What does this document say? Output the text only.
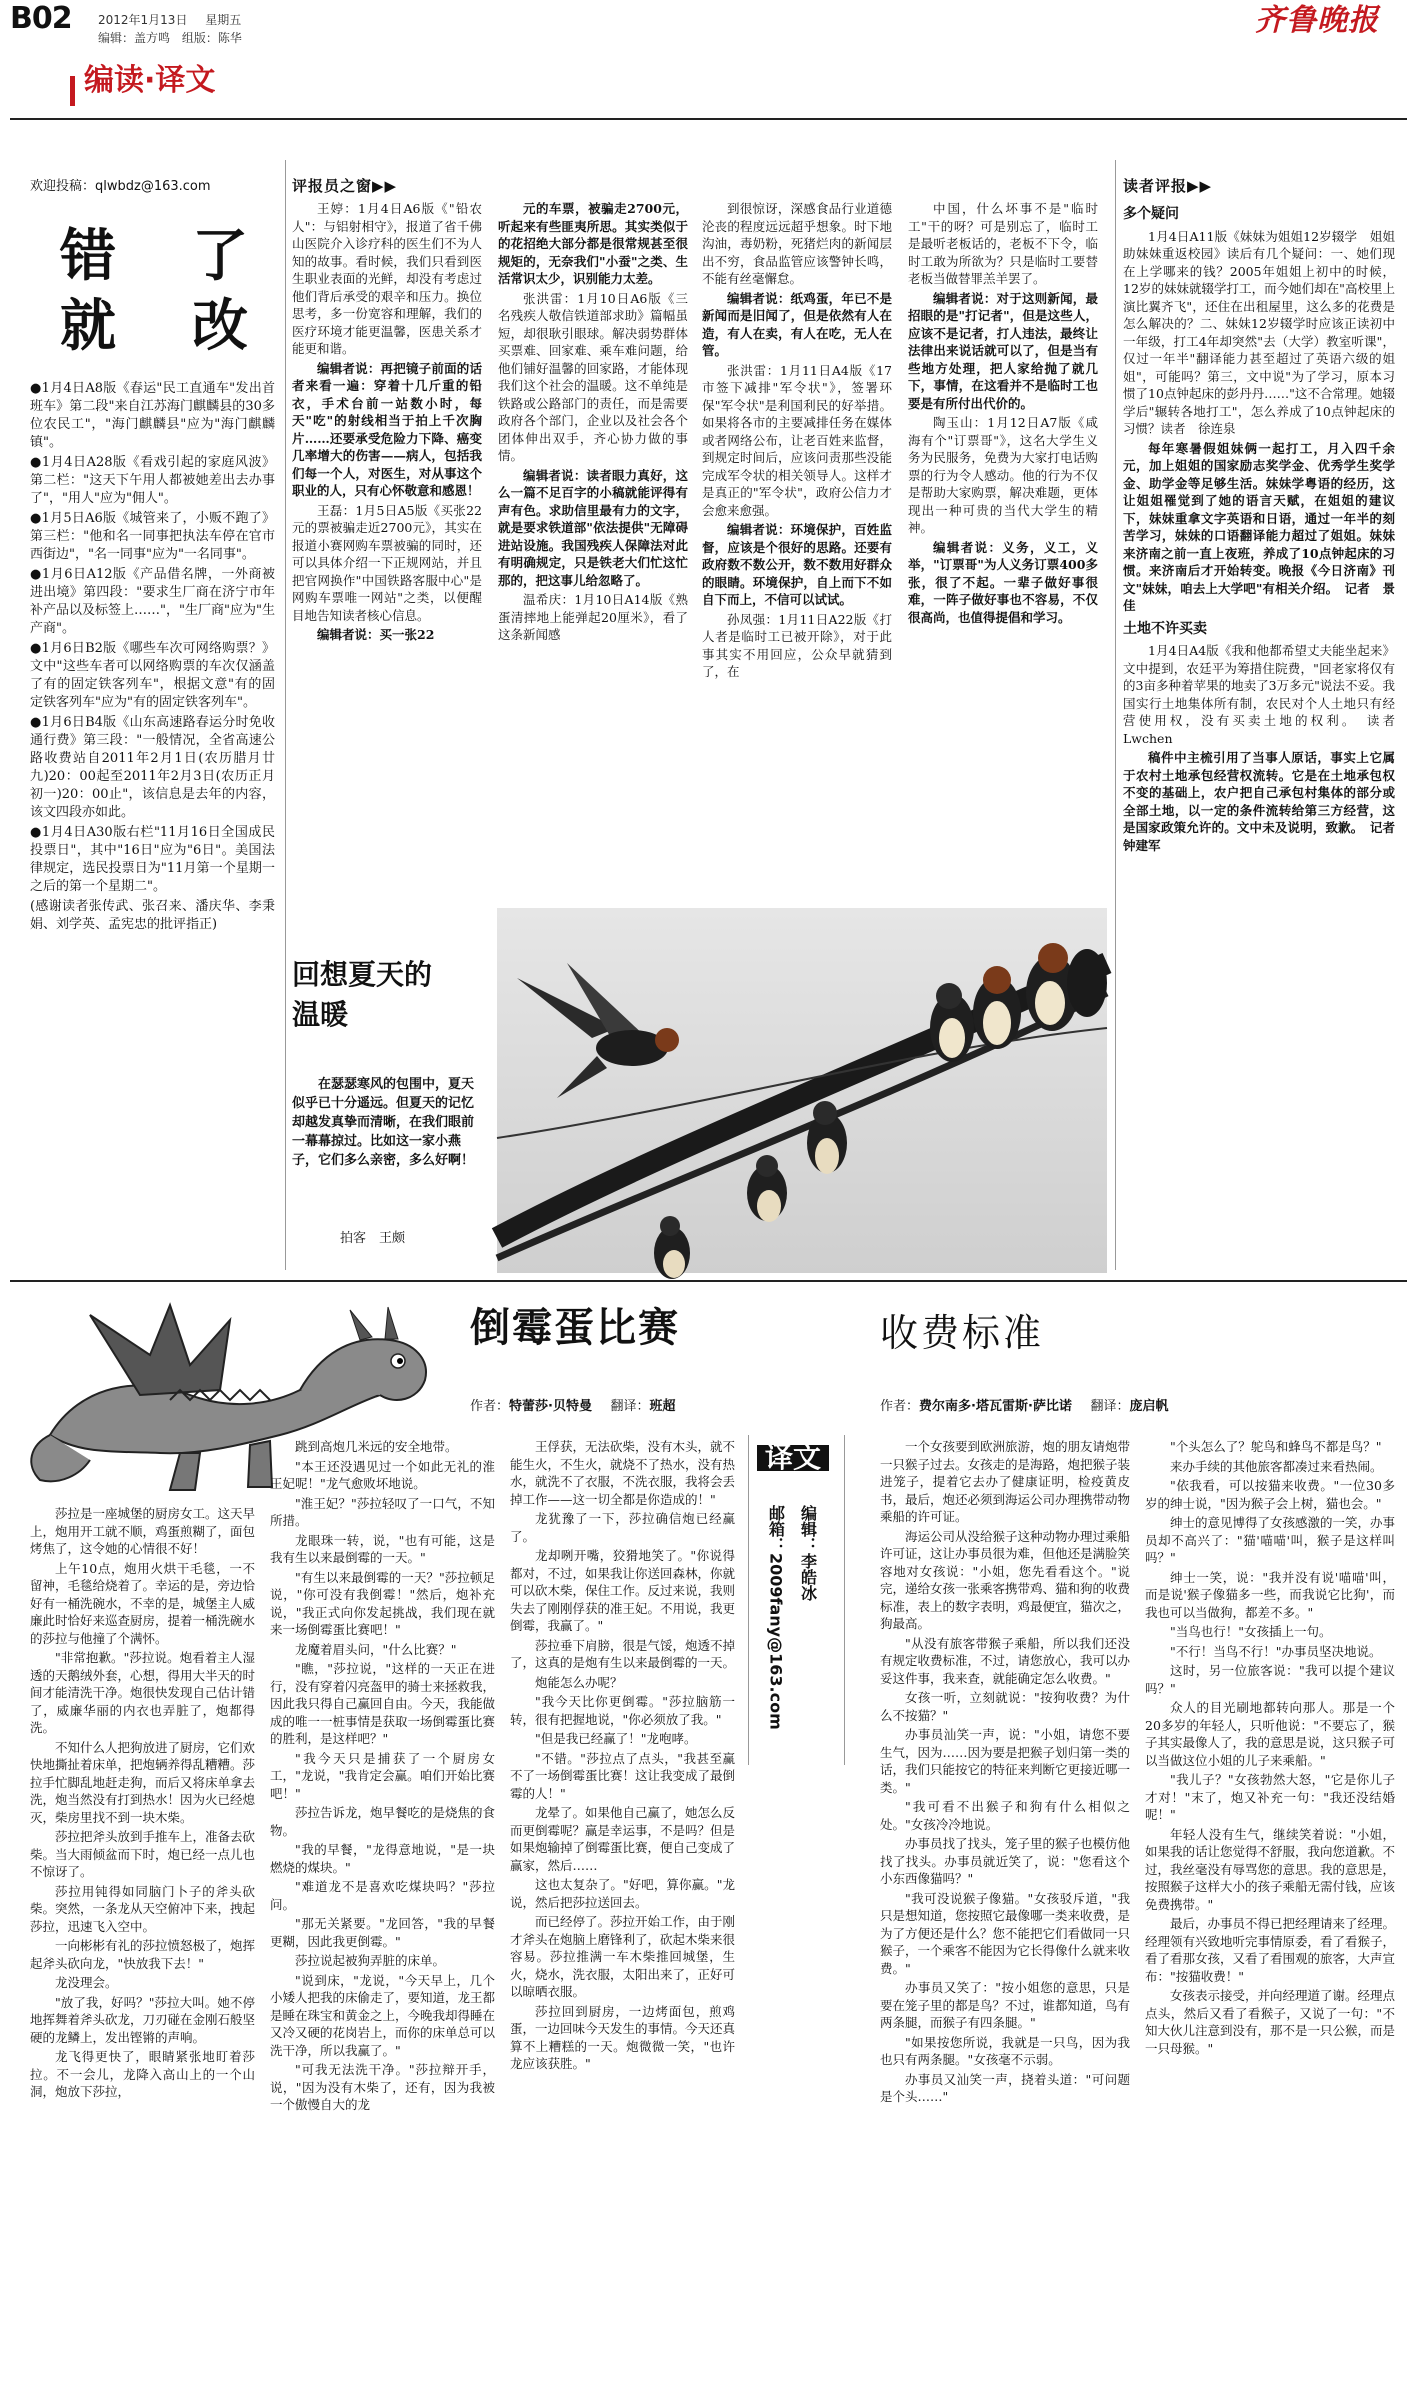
B02 2012年1月13日 星期五
编辑：盖方鸣 组版：陈华
编读·译文
齐鲁晚报
欢迎投稿：qlwbdz@163.com
错　了
就　改

●1月4日A8版《春运"民工直通车"发出首班车》第二段"来自江苏海门麒麟县的30多位农民工"，"海门麒麟县"应为"海门麒麟镇"。

●1月4日A28版《看戏引起的家庭风波》第二栏："这天下午用人都被她差出去办事了"，"用人"应为"佣人"。

●1月5日A6版《城管来了，小贩不跑了》第三栏："他和名一同事把执法车停在官市西街边"，"名一同事"应为"一名同事"。

●1月6日A12版《产品借名牌，一外商被进出境》第四段："要求生厂商在济宁市年补产品以及标签上……"，"生厂商"应为"生产商"。

●1月6日B2版《哪些车次可网络购票？》文中"这些车者可以网络购票的车次仅涵盖了有的固定铁客列车"，根据文意"有的固定铁客列车"应为"有的固定铁客列车"。

●1月6日B4版《山东高速路春运分时免收通行费》第三段："一般情况，全省高速公路收费站自2011年2月1日(农历腊月廿九)20：00起至2011年2月3日(农历正月初一)20：00止"，该信息是去年的内容，该文四段亦如此。

●1月4日A30版右栏"11月16日全国成民投票日"，其中"16日"应为"6日"。美国法律规定，选民投票日为"11月第一个星期一之后的第一个星期二"。

(感谢读者张传武、张召来、潘庆华、李秉娟、刘学英、孟宪忠的批评指正)

评报员之窗▶▶

王婷：1月4日A6版《"铅农人"：与铝射相守》，报道了省千佛山医院介入诊疗科的医生们不为人知的故事。看时候，我们只看到医生职业表面的光鲜，却没有考虑过他们背后承受的艰辛和压力。换位思考，多一份宽容和理解，我们的医疗环境才能更温馨，医患关系才能更和谐。

编辑者说：再把镜子前面的话者来看一遍：穿着十几斤重的铅衣，手术台前一站数小时，每天"吃"的射线相当于拍上千次胸片……还要承受危险力下降、癌变几率增大的伤害——病人，包括我们每一个人，对医生，对从事这个职业的人，只有心怀敬意和感恩！

王磊：1月5日A5版《买张22元的票被骗走近2700元》，其实在报道小赛网购车票被骗的同时，还可以具体介绍一下正规网站，并且把官网换作"中国铁路客服中心"是网购车票唯一网站"之类，以便醒目地告知读者核心信息。

编辑者说：买一张22

元的车票，被骗走2700元，听起来有些匪夷所思。其实类似于的花招绝大部分都是很常规甚至很规矩的，无奈我们"小蚕"之类、生活常识太少，识别能力太差。

张洪雷：1月10日A6版《三名残疾人敬信铁道部求助》篇幅虽短，却很耿引眼球。解决弱势群体买票难、回家难、乘车难问题，给他们铺好温馨的回家路，才能体现我们这个社会的温暖。这不单纯是铁路或公路部门的责任，而是需要政府各个部门，企业以及社会各个团体伸出双手，齐心协力做的事情。

编辑者说：读者眼力真好，这么一篇不足百字的小稿就能评得有声有色。求助信里最有力的文字，就是要求铁道部"依法提供"无障碍进站设施。我国残疾人保障法对此有明确规定，只是铁老大们忙这忙那的，把这事儿给忽略了。

温希庆：1月10日A14版《熟蛋清摔地上能弹起20厘米》，看了这条新闻感

到很惊讶，深感食品行业道德沦丧的程度远远超乎想象。时下地沟油，毒奶粉，死猪烂肉的新闻层出不穷，食品监管应该警钟长鸣，不能有丝毫懈怠。

编辑者说：纸鸡蛋，年已不是新闻而是旧闻了，但是依然有人在造，有人在卖，有人在吃，无人在管。

张洪雷：1月11日A4版《17市签下减排"军令状"》，签署环保"军令状"是利国利民的好举措。如果将各市的主要减排任务在媒体或者网络公布，让老百姓来监督，到规定时间后，应该问责那些没能完成军令状的相关领导人。这样才是真正的"军令状"，政府公信力才会愈来愈强。

编辑者说：环境保护，百姓监督，应该是个很好的思路。还要有政府数不数公开，数不数用好群众的眼睛。环境保护，自上而下不如自下而上，不信可以试试。

孙凤强：1月11日A22版《打人者是临时工已被开除》，对于此事其实不用回应，公众早就猜到了，在

中国，什么坏事不是"临时工"干的呀？可是别忘了，临时工是最听老板话的，老板不下令，临时工敢为所欲为？只是临时工要替老板当做替罪羔羊罢了。

编辑者说：对于这则新闻，最招眼的是"打记者"，但是这些人，应该不是记者，打人违法，最终让法律出来说话就可以了，但是当有些地方处理，把人家给抛了就几下，事情，在这看并不是临时工也要是有所付出代价的。

陶玉山：1月12日A7版《咸海有个"订票哥"》，这名大学生义务为民服务，免费为大家打电话购票的行为令人感动。他的行为不仅是帮助大家购票，解决难题，更体现出一种可贵的当代大学生的精神。

编辑者说：义务，义工，义举，"订票哥"为人义务订票400多张，很了不起。一辈子做好事很难，一阵子做好事也不容易，不仅很高尚，也值得提倡和学习。

回想夏天的
温暖
在瑟瑟寒风的包围中，夏天似乎已十分遥远。但夏天的记忆却越发真挚而清晰，在我们眼前一幕幕掠过。比如这一家小燕子，它们多么亲密，多么好啊！
拍客　王颇
读者评报▶▶
多个疑问

1月4日A11版《妹妹为姐姐12岁辍学　姐姐助妹妹重返校园》读后有几个疑问：一、她们现在上学哪来的钱？2005年姐姐上初中的时候，12岁的妹妹就辍学打工，而今她们却在"高校里上演比翼齐飞"，还住在出租屋里，这么多的花费是怎么解决的？二、妹妹12岁辍学时应该正读初中一年级，打工4年却突然"去（大学）教室听课"，仅过一年半"翻译能力甚至超过了英语六级的姐姐"，可能吗？第三，文中说"为了学习，原本习惯了10点钟起床的彭丹丹……"这不合常理。她辍学后"辗转各地打工"，怎么养成了10点钟起床的习惯？读者　徐连泉

每年寒暑假姐妹俩一起打工，月入四千余元，加上姐姐的国家励志奖学金、优秀学生奖学金、助学金等足够生活。妹妹学粤语的经历，这让姐姐罹觉到了她的语言天赋，在姐姐的建议下，妹妹重拿文字英语和日语，通过一年半的刻苦学习，妹妹的口语翻译能力超过了姐姐。妹妹来济南之前一直上夜班，养成了10点钟起床的习惯。来济南后才开始转变。晚报《今日济南》刊文"妹妹，咱去上大学吧"有相关介绍。　记者　景佳

土地不许买卖

1月4日A4版《我和他都希望丈夫能坐起来》文中提到，农廷平为筹措住院费，"回老家将仅有的3亩多种着苹果的地卖了3万多元"说法不妥。我国实行土地集体所有制，农民对个人土地只有经营使用权，没有买卖土地的权利。　读者　Lwchen

稿件中主梳引用了当事人原话，事实上它属于农村土地承包经营权流转。它是在土地承包权不变的基础上，农户把自己承包村集体的部分或全部土地，以一定的条件流转给第三方经营，这是国家政策允许的。文中未及说明，致歉。　记者　钟建军

倒霉蛋比赛
作者：特蕾莎·贝特曼 翻译：班超

莎拉是一座城堡的厨房女工。这天早上，炮用开工就不顺，鸡蛋煎糊了，面包烤焦了，这令她的心情很不好！

上午10点，炮用火烘干毛毯，一不留神，毛毯给烧着了。幸运的是，旁边恰好有一桶洗碗水，不幸的是，城堡主人威廉此时恰好来巡查厨房，提着一桶洗碗水的莎拉与他撞了个满怀。

"非常抱歉。"莎拉说。炮看着主人湿透的天鹅绒外套，心想，得用大半天的时间才能清洗干净。炮很快发现自己估计错了，威廉华丽的内衣也弄脏了，炮都得洗。

不知什么人把狗放进了厨房，它们欢快地撕扯着床单，把炮辆养得乱糟糟。莎拉手忙脚乱地赶走狗，而后又将床单拿去洗，炮当然没有打到热水！因为火已经熄灭，柴房里找不到一块木柴。

莎拉把斧头放到手推车上，准备去砍柴。当大雨倾盆而下时，炮已经一点儿也不惊讶了。

莎拉用钝得如同脑门卜子的斧头砍柴。突然，一条龙从天空俯冲下来，拽起莎拉，迅速飞入空中。

一向彬彬有礼的莎拉愤怒极了，炮挥起斧头砍向龙，"快放我下去！"

龙没理会。

"放了我，好吗？"莎拉大叫。她不停地挥舞着斧头砍龙，刀刃碰在金刚石般坚硬的龙鳞上，发出铿锵的声响。

龙飞得更快了，眼睛紧张地盯着莎拉。不一会儿，龙降入高山上的一个山洞，炮放下莎拉，

跳到高炮几米远的安全地带。

"本王还没遇见过一个如此无礼的淮王妃呢！"龙气愈败坏地说。

"淮王妃？"莎拉轻叹了一口气，不知所措。

龙眼珠一转，说，"也有可能，这是我有生以来最倒霉的一天。"

"有生以来最倒霉的一天？"莎拉顿足说，"你可没有我倒霉！"然后，炮补充说，"我正式向你发起挑战，我们现在就来一场倒霉蛋比赛吧！"

龙魔着眉头问，"什么比赛？"

"瞧，"莎拉说，"这样的一天正在进行，没有穿着闪亮盔甲的骑士来拯救我，因此我只得自己赢回自由。今天，我能做成的唯一一桩事情是获取一场倒霉蛋比赛的胜利，是这样吧？"

"我今天只是捕获了一个厨房女工，"龙说，"我肯定会赢。咱们开始比赛吧！"

莎拉告诉龙，炮早餐吃的是烧焦的食物。

"我的早餐，"龙得意地说，"是一块燃烧的煤块。"

"难道龙不是喜欢吃煤块吗？"莎拉问。

"那无关紧要。"龙回答，"我的早餐更糊，因此我更倒霉。"

莎拉说起被狗弄脏的床单。

"说到床，"龙说，"今天早上，几个小矮人把我的床偷走了，要知道，龙王都是睡在珠宝和黄金之上，今晚我却得睡在又冷又硬的花岗岩上，而你的床单总可以洗干净，所以我赢了。"

"可我无法洗干净。"莎拉辩开手，说，"因为没有木柴了，还有，因为我被一个傲慢自大的龙

王俘获，无法砍柴，没有木头，就不能生火，不生火，就烧不了热水，没有热水，就洗不了衣服，不洗衣服，我将会丢掉工作——这一切全都是你造成的！"

龙犹豫了一下，莎拉确信炮已经赢了。

龙却咧开嘴，狡猾地笑了。"你说得都对，不过，如果我让你送回森林，你就可以砍木柴，保住工作。反过来说，我则失去了刚刚俘获的准王妃。不用说，我更倒霉，我赢了。"

莎拉垂下肩膀，很是气馁，炮透不掉了，这真的是炮有生以来最倒霉的一天。

炮能怎么办呢？

"我今天比你更倒霉。"莎拉脑筋一转，很有把握地说，"你必须放了我。"

"但是我已经赢了！"龙咆哮。

"不错。"莎拉点了点头，"我甚至赢不了一场倒霉蛋比赛！这让我变成了最倒霉的人！"

龙晕了。如果他自己赢了，她怎么反而更倒霉呢？赢是幸运事，不是吗？但是如果炮输掉了倒霉蛋比赛，便自己变成了赢家，然后……

这也太复杂了。"好吧，算你赢。"龙说，然后把莎拉送回去。

而已经停了。莎拉开始工作，由于刚才斧头在炮脑上磨锋利了，砍起木柴来很容易。莎拉推满一车木柴推回城堡，生火，烧水，洗衣服，太阳出来了，正好可以晾晒衣服。

莎拉回到厨房，一边烤面包，煎鸡蛋，一边回味今天发生的事情。今天还真算不上糟糕的一天。炮微微一笑，"也许龙应该获胜。"

译文
编辑：李皓冰
邮箱：2009fany@163.com
收费标准
作者：费尔南多·塔瓦雷斯·萨比诺 翻译：庞启帆

一个女孩要到欧洲旅游，炮的朋友请炮带一只猴子过去。女孩走的是海路，炮把猴子装进笼子，提着它去办了健康证明，检疫黄皮书，最后，炮还必须到海运公司办理携带动物乘船的许可证。

海运公司从没给猴子这种动物办理过乘船许可证，这让办事员很为难，但他还是满脸笑容地对女孩说："小姐，您先看看这个。"说完，递给女孩一张乘客携带鸡、猫和狗的收费标准，表上的数字表明，鸡最便宜，猫次之，狗最高。

"从没有旅客带猴子乘船，所以我们还没有规定收费标准，不过，请您放心，我可以办妥这件事，我来查，就能确定怎么收费。"

女孩一听，立刻就说："按狗收费？为什么不按猫？"

办事员汕笑一声，说："小姐，请您不要生气，因为……因为要是把猴子划归第一类的话，我们只能按它的特征来判断它更接近哪一类。"

"我可看不出猴子和狗有什么相似之处。"女孩冷冷地说。

办事员找了找头，笼子里的猴子也模仿他找了找头。办事员就近笑了，说："您看这个小东西像猫吗？"

"我可没说猴子像猫。"女孩驳斥道，"我只是想知道，您按照它最像哪一类来收费，是为了方便还是什么？您不能把它们看做同一只猴子，一个乘客不能因为它长得像什么就来收费。"

办事员又笑了："按小姐您的意思，只是要在笼子里的都是鸟？不过，谁都知道，鸟有两条腿，而猴子有四条腿。"

"如果按您所说，我就是一只鸟，因为我也只有两条腿。"女孩毫不示弱。

办事员又汕笑一声，挠着头道："可问题是个头……"

"个头怎么了？鸵鸟和蜂鸟不都是鸟？"

来办手续的其他旅客都凑过来看热闹。

"依我看，可以按猫来收费。"一位30多岁的绅士说，"因为猴子会上树，猫也会。"

绅士的意见博得了女孩感激的一笑，办事员却不高兴了："猫'喵喵'叫，猴子是这样叫吗？"

绅士一笑，说："我并没有说'喵喵'叫，而是说'猴子像猫多一些，而我说它比狗'，而我也可以当做狗，都差不多。"

"当鸟也行！"女孩插上一句。

"不行！当鸟不行！"办事员坚决地说。

这时，另一位旅客说："我可以提个建议吗？"

众人的目光刷地都转向那人。那是一个20多岁的年轻人，只听他说："不要忘了，猴子其实最像人了，我的意思是说，这只猴子可以当做这位小姐的儿子来乘船。"

"我儿子？"女孩勃然大怒，"它是你儿子才对！"末了，炮又补充一句："我还没结婚呢！"

年轻人没有生气，继续笑着说："小姐，如果我的话让您觉得不舒服，我向您道歉。不过，我丝毫没有辱骂您的意思。我的意思是，按照猴子这样大小的孩子乘船无需付钱，应该免费携带。"

最后，办事员不得已把经理请来了经理。经理领有兴致地听完事情原委，看了看猴子，看了看那女孩，又看了看围观的旅客，大声宣布："按猫收费！"

女孩表示接受，并向经理道了谢。经理点点头，然后又看了看猴子，又说了一句："不知大伙儿注意到没有，那不是一只公猴，而是一只母猴。"
